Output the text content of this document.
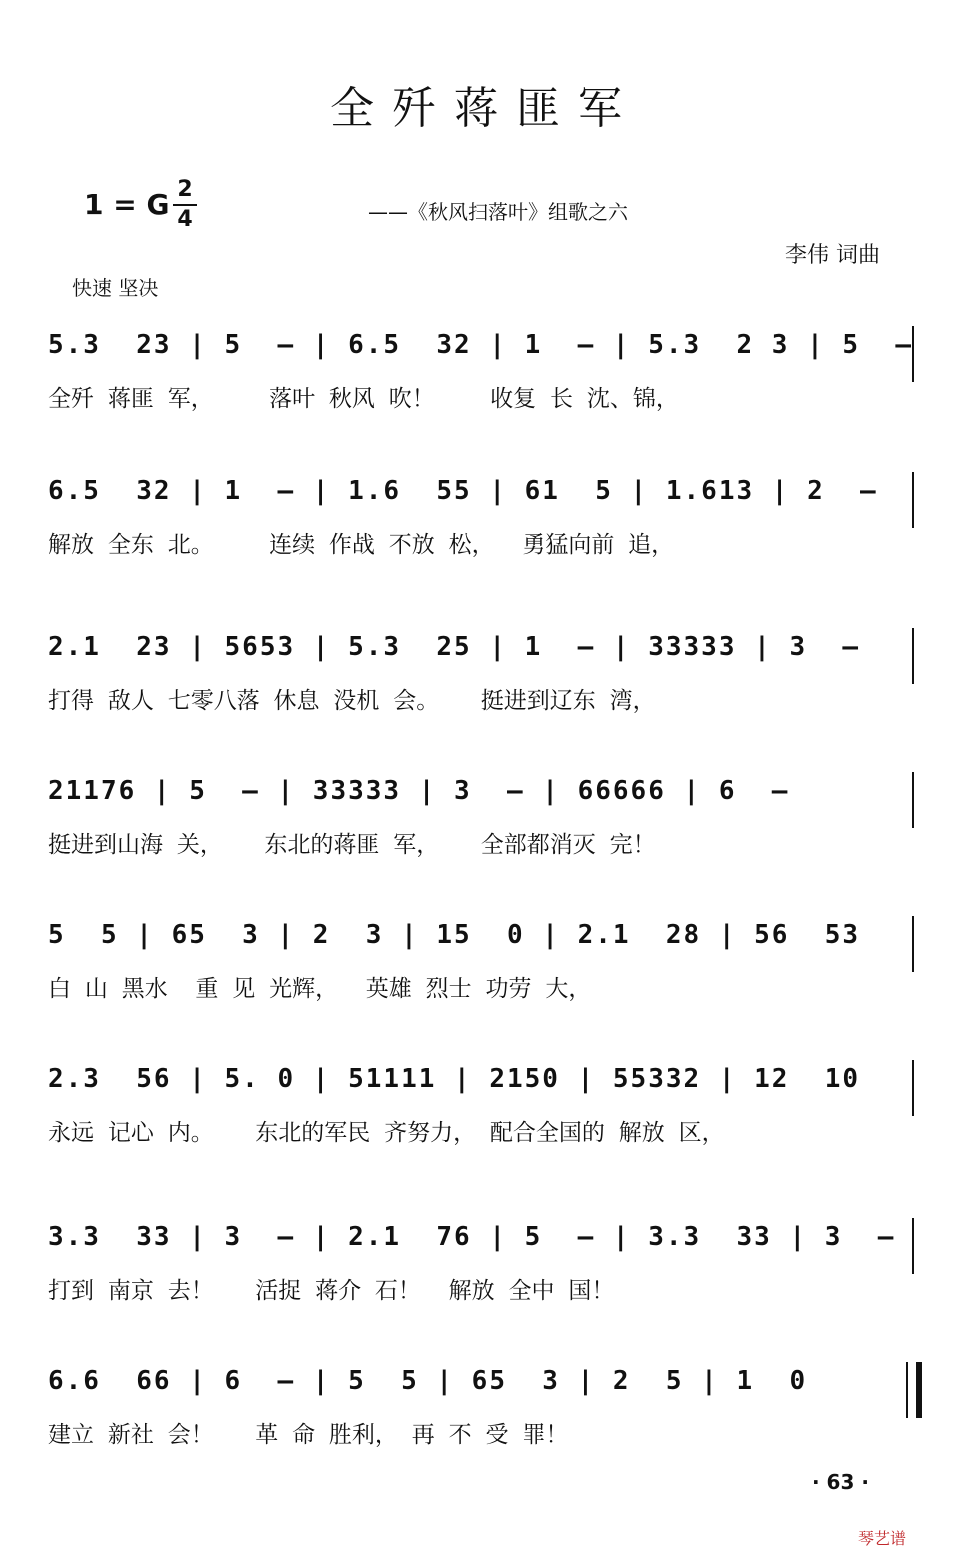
全歼蒋匪军
1 = G 2
4	——《秋风扫落叶》组歌之六
李伟 词曲
快速 坚决
5.3  23 | 5  — | 6.5  32 | 1  — | 5.3  2 3 | 5  —
全歼 蒋匪 军，    落叶 秋风 吹！    收复 长 沈、锦，
6.5  32 | 1  — | 1.6  55 | 61  5 | 1.613 | 2  —
解放 全东 北。    连续 作战 不放 松，  勇猛向前 追，
2.1  23 | 5653 | 5.3  25 | 1  — | 33333 | 3  —
打得 敌人 七零八落 休息 没机 会。   挺进到辽东 湾，
21176 | 5  — | 33333 | 3  — | 66666 | 6  —
挺进到山海 关，   东北的蒋匪 军，   全部都消灭 完！
5  5 | 65  3 | 2  3 | 15  0 | 2.1  28 | 56  53
白 山 黑水  重 见 光辉，  英雄 烈士 功劳 大，
2.3  56 | 5. 0 | 51111 | 2150 | 55332 | 12  10
永远 记心 内。   东北的军民 齐努力， 配合全国的 解放 区，
3.3  33 | 3  — | 2.1  76 | 5  — | 3.3  33 | 3  —
打到 南京 去！   活捉 蒋介 石！  解放 全中 国！
6.6  66 | 6  — | 5  5 | 65  3 | 2  5 | 1  0
建立 新社 会！   革 命 胜利， 再 不 受 罪！
· 63 ·
琴艺谱
